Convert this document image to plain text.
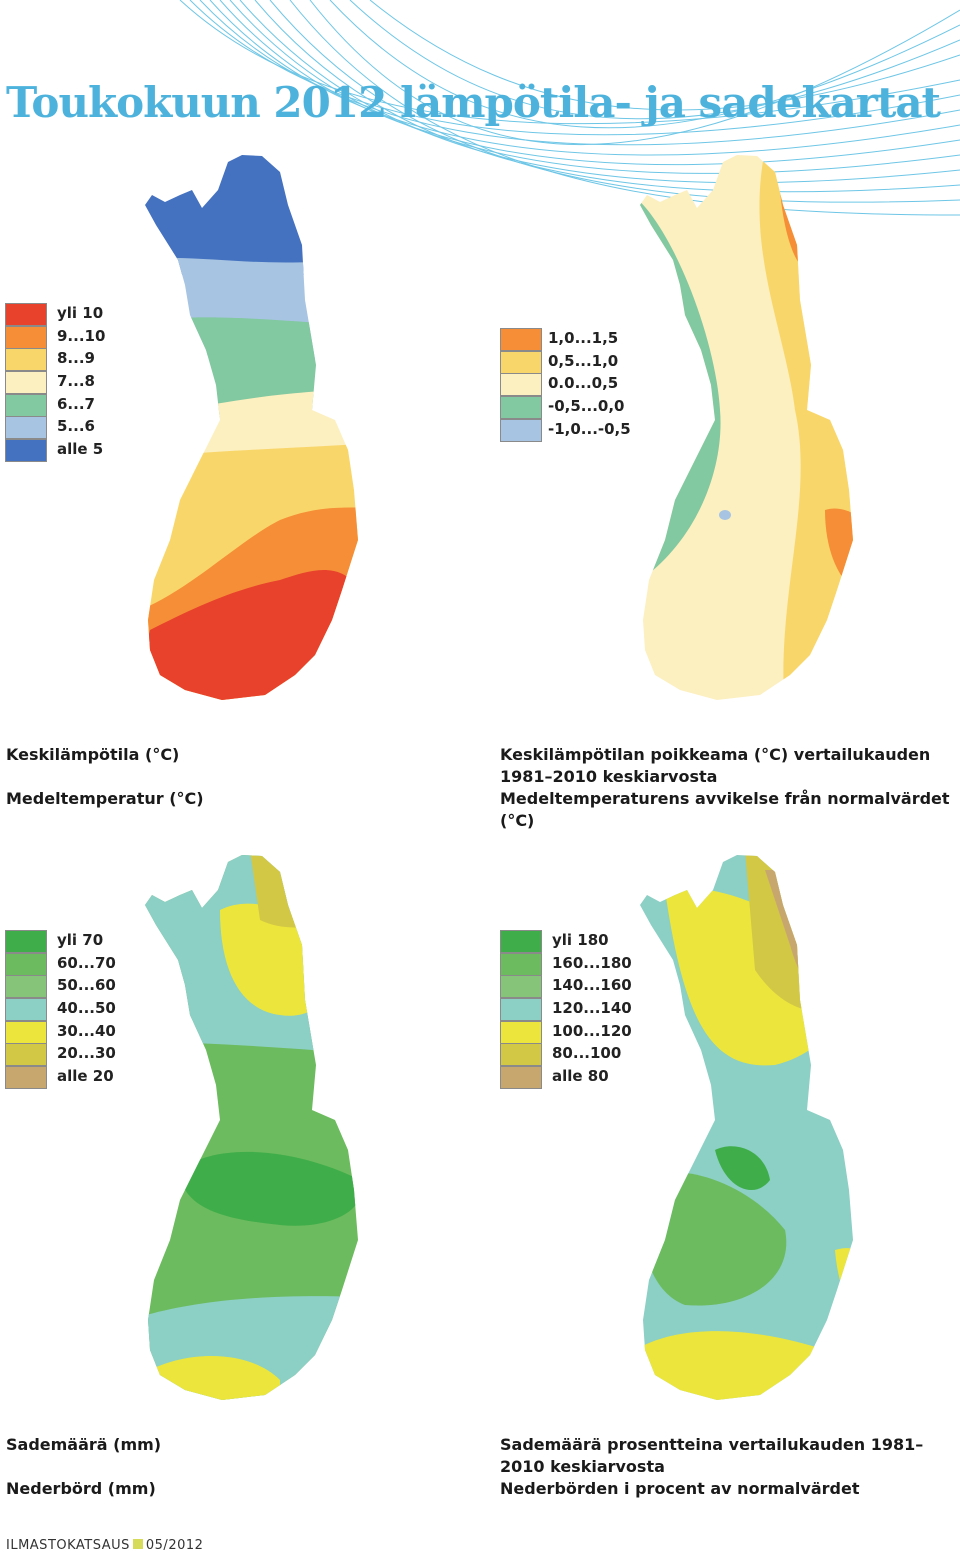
Toukokuun 2012 lämpötila- ja sadekartat
yli 10
9...10
8...9
7...8
6...7
5...6
alle 5
1,0...1,5
0,5...1,0
0.0...0,5
-0,5...0,0
-1,0...-0,5
yli 70
60...70
50...60
40...50
30...40
20...30
alle 20
yli 180
160...180
140...160
120...140
100...120
80...100
alle 80
Keskilämpötila (°C)
Medeltemperatur (°C)
Keskilämpötilan poikkeama (°C) vertailukauden 1981–2010 keskiarvosta
Medeltemperaturens avvikelse från normalvärdet (°C)
Sademäärä (mm)
Nederbörd (mm)
Sademäärä prosentteina vertailukauden 1981–2010 keskiarvosta
Nederbörden i procent av normalvärdet
ILMASTOKATSAUS 05/2012
